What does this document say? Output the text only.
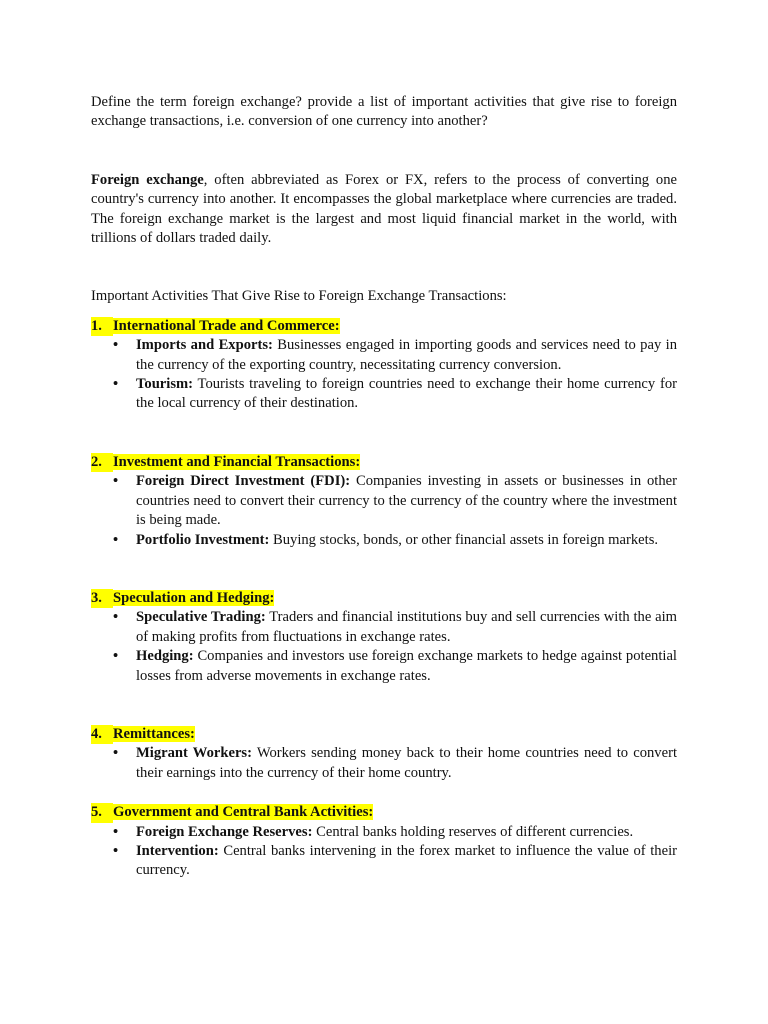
Define the term foreign exchange? provide a list of important activities that give rise to foreign exchange transactions, i.e. conversion of one currency into another?

Foreign exchange, often abbreviated as Forex or FX, refers to the process of converting one country's currency into another. It encompasses the global marketplace where currencies are traded. The foreign exchange market is the largest and most liquid financial market in the world, with trillions of dollars traded daily.

Important Activities That Give Rise to Foreign Exchange Transactions:

1. International Trade and Commerce:
• Imports and Exports: Businesses engaged in importing goods and services need to pay in the currency of the exporting country, necessitating currency conversion.
• Tourism: Tourists traveling to foreign countries need to exchange their home currency for the local currency of their destination.
2. Investment and Financial Transactions:
• Foreign Direct Investment (FDI): Companies investing in assets or businesses in other countries need to convert their currency to the currency of the country where the investment is being made.
• Portfolio Investment: Buying stocks, bonds, or other financial assets in foreign markets.
3. Speculation and Hedging:
• Speculative Trading: Traders and financial institutions buy and sell currencies with the aim of making profits from fluctuations in exchange rates.
• Hedging: Companies and investors use foreign exchange markets to hedge against potential losses from adverse movements in exchange rates.
4. Remittances:
• Migrant Workers: Workers sending money back to their home countries need to convert their earnings into the currency of their home country.
5. Government and Central Bank Activities:
• Foreign Exchange Reserves: Central banks holding reserves of different currencies.
• Intervention: Central banks intervening in the forex market to influence the value of their currency.
